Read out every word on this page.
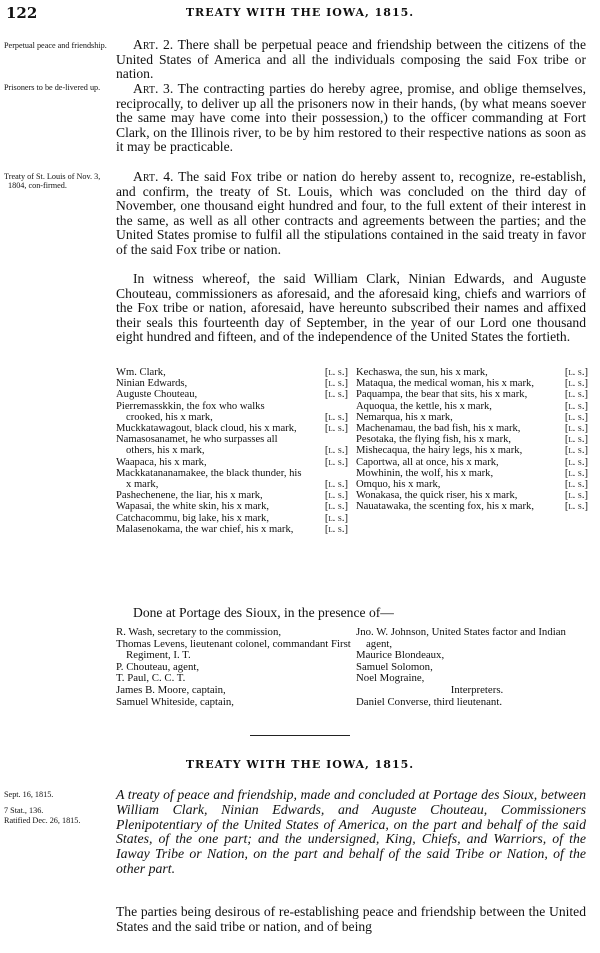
122	TREATY WITH THE IOWA, 1815.
Perpetual peace and friendship.
Prisoners to be de-livered up.
Treaty of St. Louis of Nov. 3, 1804, con-firmed.

Art. 2. There shall be perpetual peace and friendship between the citizens of the United States of America and all the individuals composing the said Fox tribe or nation.

Art. 3. The contracting parties do hereby agree, promise, and oblige themselves, reciprocally, to deliver up all the prisoners now in their hands, (by what means soever the same may have come into their possession,) to the officer commanding at Fort Clark, on the Illinois river, to be by him restored to their respective nations as soon as it may be practicable.

Art. 4. The said Fox tribe or nation do hereby assent to, recognize, re-establish, and confirm, the treaty of St. Louis, which was concluded on the third day of November, one thousand eight hundred and four, to the full extent of their interest in the same, as well as all other contracts and agreements between the parties; and the United States promise to fulfil all the stipulations contained in the said treaty in favor of the said Fox tribe or nation.

In witness whereof, the said William Clark, Ninian Edwards, and Auguste Chouteau, commissioners as aforesaid, and the aforesaid king, chiefs and warriors of the Fox tribe or nation, aforesaid, have hereunto subscribed their names and affixed their seals this fourteenth day of September, in the year of our Lord one thousand eight hundred and fifteen, and of the independence of the United States the fortieth.

Wm. Clark,	[l. s.]
Ninian Edwards,	[l. s.]
Auguste Chouteau,	[l. s.]
Pierremasskkin, the fox who walks crooked, his x mark,	[l. s.]
Muckkatawagout, black cloud, his x mark,	[l. s.]
Namasosanamet, he who surpasses all others, his x mark,	[l. s.]
Waapaca, his x mark,	[l. s.]
Mackkatananamakee, the black thunder, his x mark,	[l. s.]
Pashechenene, the liar, his x mark,	[l. s.]
Wapasai, the white skin, his x mark,	[l. s.]
Catchacommu, big lake, his x mark,	[l. s.]
Malasenokama, the war chief, his x mark,	[l. s.]
Kechaswa, the sun, his x mark,	[l. s.]
Mataqua, the medical woman, his x mark,	[l. s.]
Paquampa, the bear that sits, his x mark,	[l. s.]
Aquoqua, the kettle, his x mark,	[l. s.]
Nemarqua, his x mark,	[l. s.]
Machenamau, the bad fish, his x mark,	[l. s.]
Pesotaka, the flying fish, his x mark,	[l. s.]
Mishecaqua, the hairy legs, his x mark,	[l. s.]
Caportwa, all at once, his x mark,	[l. s.]
Mowhinin, the wolf, his x mark,	[l. s.]
Omquo, his x mark,	[l. s.]
Wonakasa, the quick riser, his x mark,	[l. s.]
Nauatawaka, the scenting fox, his x mark,	[l. s.]
Done at Portage des Sioux, in the presence of—
R. Wash, secretary to the commission,
Thomas Levens, lieutenant colonel, commandant First Regiment, I. T.
P. Chouteau, agent,
T. Paul, C. C. T.
James B. Moore, captain,
Samuel Whiteside, captain,
Jno. W. Johnson, United States factor and Indian agent,
Maurice Blondeaux,
Samuel Solomon,
Noel Mograine,
Interpreters.
Daniel Converse, third lieutenant.
TREATY WITH THE IOWA, 1815.
Sept. 16, 1815.
7 Stat., 136.
Ratified Dec. 26, 1815.

A treaty of peace and friendship, made and concluded at Portage des Sioux, between William Clark, Ninian Edwards, and Auguste Chouteau, Commissioners Plenipotentiary of the United States of America, on the part and behalf of the said States, of the one part; and the undersigned, King, Chiefs, and Warriors, of the Iaway Tribe or Nation, on the part and behalf of the said Tribe or Nation, of the other part.

The parties being desirous of re-establishing peace and friendship between the United States and the said tribe or nation, and of being
